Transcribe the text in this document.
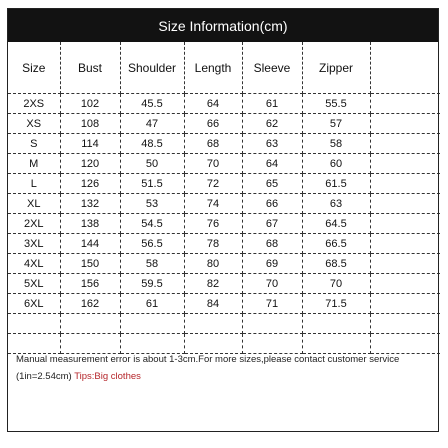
Size Information(cm)
Size	Bust	Shoulder	Length	Sleeve	Zipper	
2XS	102	45.5	64	61	55.5	
XS	108	47	66	62	57	
S	114	48.5	68	63	58	
M	120	50	70	64	60	
L	126	51.5	72	65	61.5	
XL	132	53	74	66	63	
2XL	138	54.5	76	67	64.5	
3XL	144	56.5	78	68	66.5	
4XL	150	58	80	69	68.5	
5XL	156	59.5	82	70	70	
6XL	162	61	84	71	71.5	

Manual measurement error is about 1-3cm.For more sizes,please contact customer service (1in=2.54cm) Tips:Big clothes
